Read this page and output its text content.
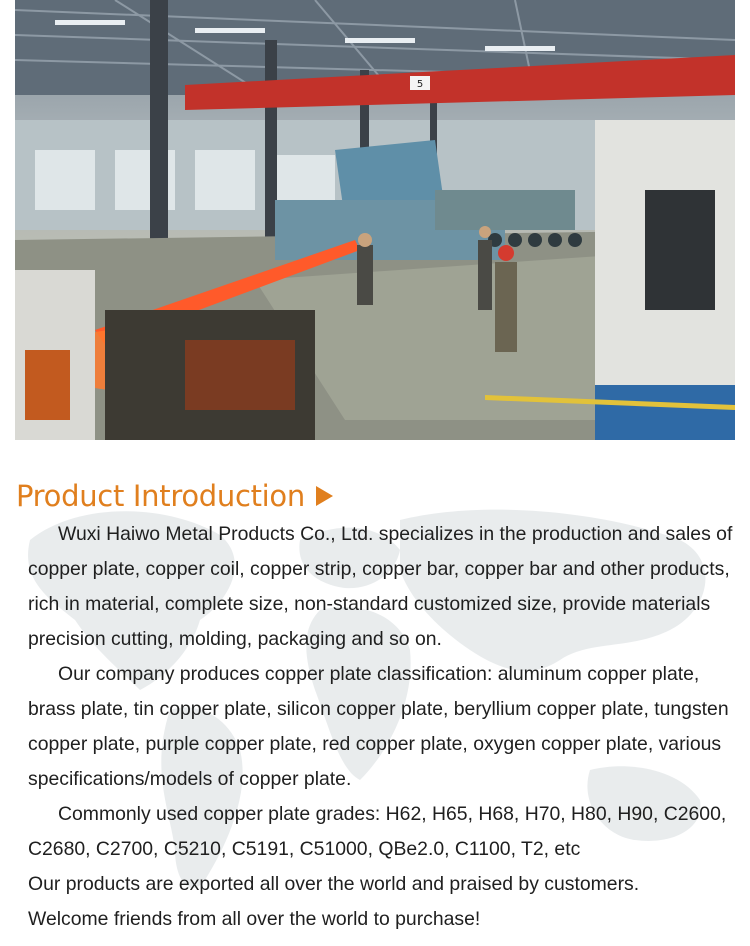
5
Product Introduction

Wuxi Haiwo Metal Products Co., Ltd. specializes in the production and sales of copper plate, copper coil, copper strip, copper bar, copper bar and other products, rich in material, complete size, non-standard customized size, provide materials precision cutting, molding, packaging and so on.

Our company produces copper plate classification: aluminum copper plate, brass plate, tin copper plate, silicon copper plate, beryllium copper plate, tungsten copper plate, purple copper plate, red copper plate, oxygen copper plate, various specifications/models of copper plate.

Commonly used copper plate grades: H62, H65, H68, H70, H80, H90, C2600, C2680, C2700, C5210, C5191, C51000, QBe2.0, C1100, T2, etc

Our products are exported all over the world and praised by customers.

Welcome friends from all over the world to purchase!
